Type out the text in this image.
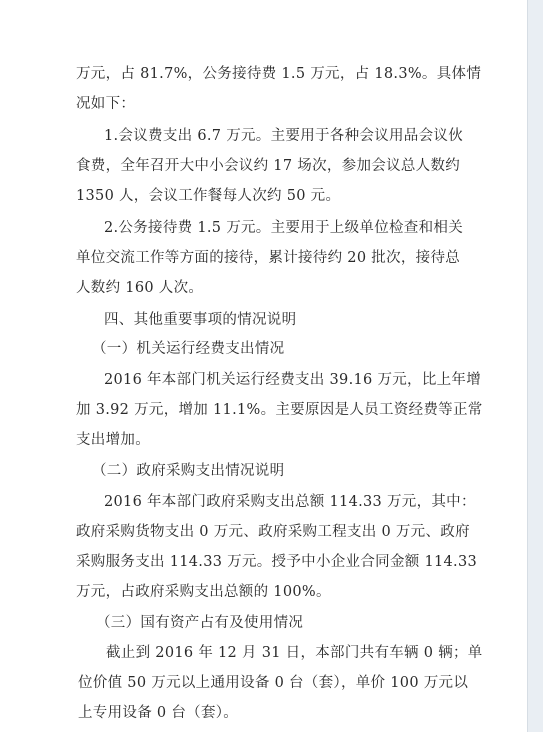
万元，占 81.7%，公务接待费 1.5 万元，占 18.3%。具体情
况如下：
1.会议费支出 6.7 万元。主要用于各种会议用品会议伙
食费，全年召开大中小会议约 17 场次，参加会议总人数约
1350 人，会议工作餐每人次约 50 元。
2.公务接待费 1.5 万元。主要用于上级单位检查和相关
单位交流工作等方面的接待，累计接待约 20 批次，接待总
人数约 160 人次。
四、其他重要事项的情况说明
（一）机关运行经费支出情况
2016 年本部门机关运行经费支出 39.16 万元，比上年增
加 3.92 万元，增加 11.1%。主要原因是人员工资经费等正常
支出增加。
（二）政府采购支出情况说明
2016 年本部门政府采购支出总额 114.33 万元，其中：
政府采购货物支出 0 万元、政府采购工程支出 0 万元、政府
采购服务支出 114.33 万元。授予中小企业合同金额 114.33
万元，占政府采购支出总额的 100%。
（三）国有资产占有及使用情况
截止到 2016 年 12 月 31 日，本部门共有车辆 0 辆；单
位价值 50 万元以上通用设备 0 台（套），单价 100 万元以
上专用设备 0 台（套）。
